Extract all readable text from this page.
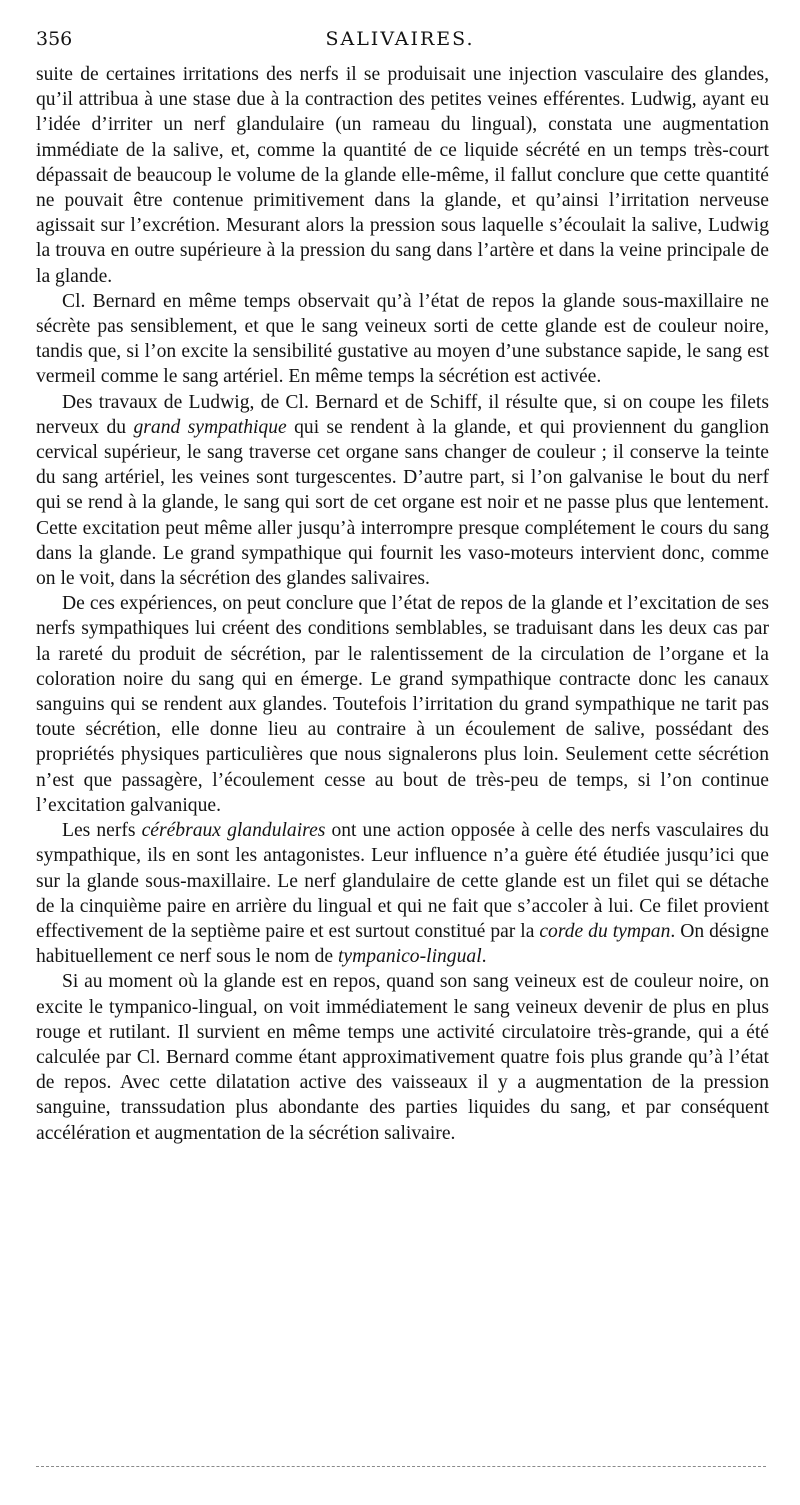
356	SALIVAIRES.

suite de certaines irritations des nerfs il se produisait une injection vasculaire des glandes, qu’il attribua à une stase due à la contraction des petites veines efférentes. Ludwig, ayant eu l’idée d’irriter un nerf glandulaire (un rameau du lingual), constata une augmentation immédiate de la salive, et, comme la quantité de ce liquide sécrété en un temps très-court dépassait de beaucoup le volume de la glande elle-même, il fallut conclure que cette quantité ne pouvait être contenue primitivement dans la glande, et qu’ainsi l’irritation nerveuse agissait sur l’excrétion. Mesurant alors la pression sous laquelle s’écoulait la salive, Ludwig la trouva en outre supérieure à la pression du sang dans l’artère et dans la veine principale de la glande.

Cl. Bernard en même temps observait qu’à l’état de repos la glande sous-maxillaire ne sécrète pas sensiblement, et que le sang veineux sorti de cette glande est de couleur noire, tandis que, si l’on excite la sensibilité gustative au moyen d’une substance sapide, le sang est vermeil comme le sang artériel. En même temps la sécrétion est activée.

Des travaux de Ludwig, de Cl. Bernard et de Schiff, il résulte que, si on coupe les filets nerveux du grand sympathique qui se rendent à la glande, et qui proviennent du ganglion cervical supérieur, le sang traverse cet organe sans changer de couleur ; il conserve la teinte du sang artériel, les veines sont turgescentes. D’autre part, si l’on galvanise le bout du nerf qui se rend à la glande, le sang qui sort de cet organe est noir et ne passe plus que lentement. Cette excitation peut même aller jusqu’à interrompre presque complétement le cours du sang dans la glande. Le grand sympathique qui fournit les vaso-moteurs intervient donc, comme on le voit, dans la sécrétion des glandes salivaires.

De ces expériences, on peut conclure que l’état de repos de la glande et l’excitation de ses nerfs sympathiques lui créent des conditions semblables, se traduisant dans les deux cas par la rareté du produit de sécrétion, par le ralentissement de la circulation de l’organe et la coloration noire du sang qui en émerge. Le grand sympathique contracte donc les canaux sanguins qui se rendent aux glandes. Toutefois l’irritation du grand sympathique ne tarit pas toute sécrétion, elle donne lieu au contraire à un écoulement de salive, possédant des propriétés physiques particulières que nous signalerons plus loin. Seulement cette sécrétion n’est que passagère, l’écoulement cesse au bout de très-peu de temps, si l’on continue l’excitation galvanique.

Les nerfs cérébraux glandulaires ont une action opposée à celle des nerfs vasculaires du sympathique, ils en sont les antagonistes. Leur influence n’a guère été étudiée jusqu’ici que sur la glande sous-maxillaire. Le nerf glandulaire de cette glande est un filet qui se détache de la cinquième paire en arrière du lingual et qui ne fait que s’accoler à lui. Ce filet provient effectivement de la septième paire et est surtout constitué par la corde du tympan. On désigne habituellement ce nerf sous le nom de tympanico-lingual.

Si au moment où la glande est en repos, quand son sang veineux est de couleur noire, on excite le tympanico-lingual, on voit immédiatement le sang veineux devenir de plus en plus rouge et rutilant. Il survient en même temps une activité circulatoire très-grande, qui a été calculée par Cl. Bernard comme étant approximativement quatre fois plus grande qu’à l’état de repos. Avec cette dilatation active des vaisseaux il y a augmentation de la pression sanguine, transsudation plus abondante des parties liquides du sang, et par conséquent accélération et augmentation de la sécrétion salivaire.
